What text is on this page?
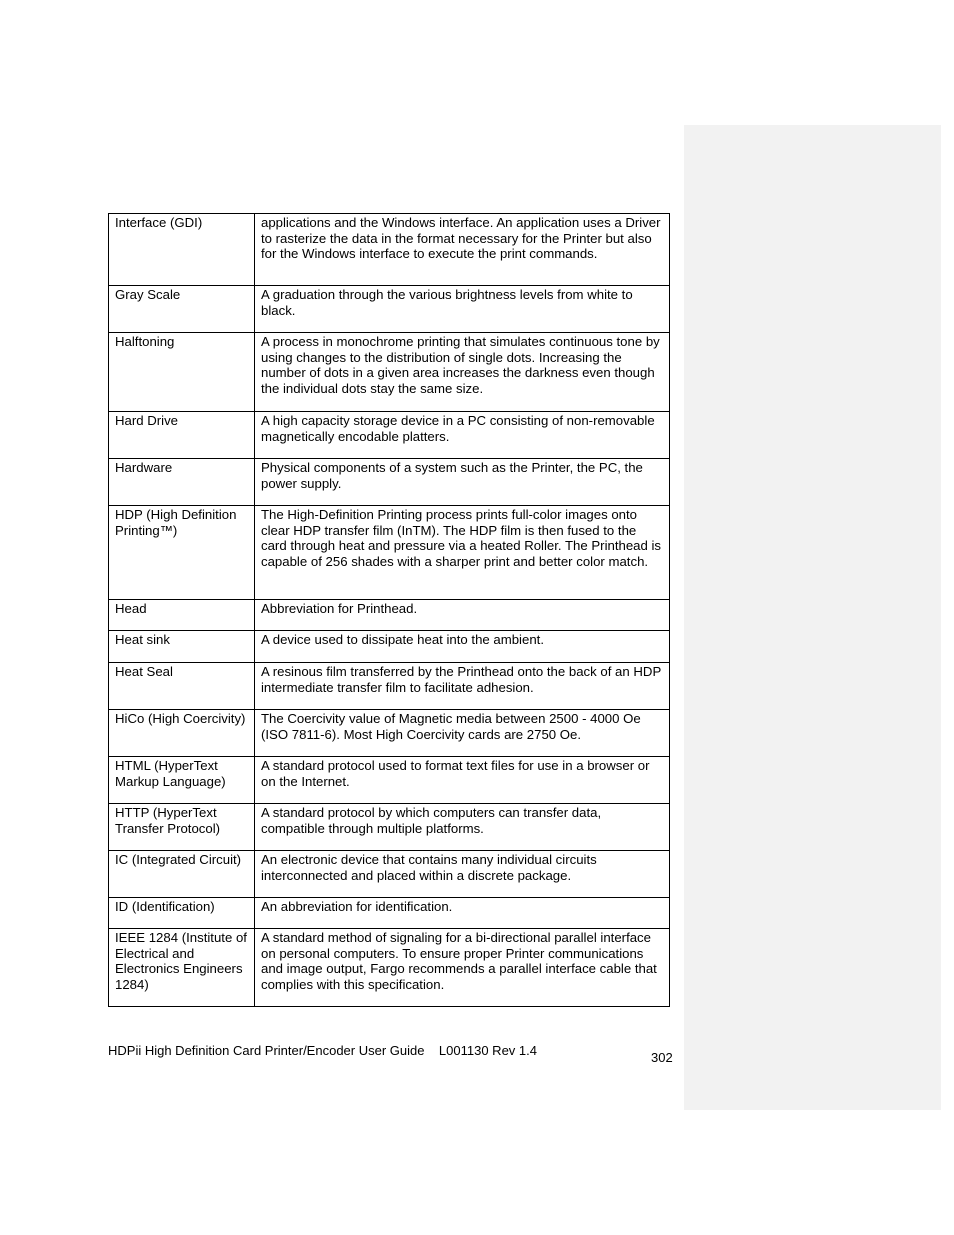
Interface (GDI)	applications and the Windows interface. An application uses a Driver to rasterize the data in the format necessary for the Printer but also for the Windows interface to execute the print commands.
Gray Scale	A graduation through the various brightness levels from white to black.
Halftoning	A process in monochrome printing that simulates continuous tone by using changes to the distribution of single dots. Increasing the number of dots in a given area increases the darkness even though the individual dots stay the same size.
Hard Drive	A high capacity storage device in a PC consisting of non-removable magnetically encodable platters.
Hardware	Physical components of a system such as the Printer, the PC, the power supply.
HDP (High Definition Printing™)	The High-Definition Printing process prints full-color images onto clear HDP transfer film (InTM). The HDP film is then fused to the card through heat and pressure via a heated Roller. The Printhead is capable of 256 shades with a sharper print and better color match.
Head	Abbreviation for Printhead.
Heat sink	A device used to dissipate heat into the ambient.
Heat Seal	A resinous film transferred by the Printhead onto the back of an HDP intermediate transfer film to facilitate adhesion.
HiCo (High Coercivity)	The Coercivity value of Magnetic media between 2500 - 4000 Oe (ISO 7811-6). Most High Coercivity cards are 2750 Oe.
HTML (HyperText Markup Language)	A standard protocol used to format text files for use in a browser or on the Internet.
HTTP (HyperText Transfer Protocol)	A standard protocol by which computers can transfer data, compatible through multiple platforms.
IC (Integrated Circuit)	An electronic device that contains many individual circuits interconnected and placed within a discrete package.
ID (Identification)	An abbreviation for identification.
IEEE 1284 (Institute of Electrical and Electronics Engineers 1284)	A standard method of signaling for a bi-directional parallel interface on personal computers. To ensure proper Printer communications and image output, Fargo recommends a parallel interface cable that complies with this specification.
HDPii High Definition Card Printer/Encoder User Guide L001130 Rev 1.4	302
